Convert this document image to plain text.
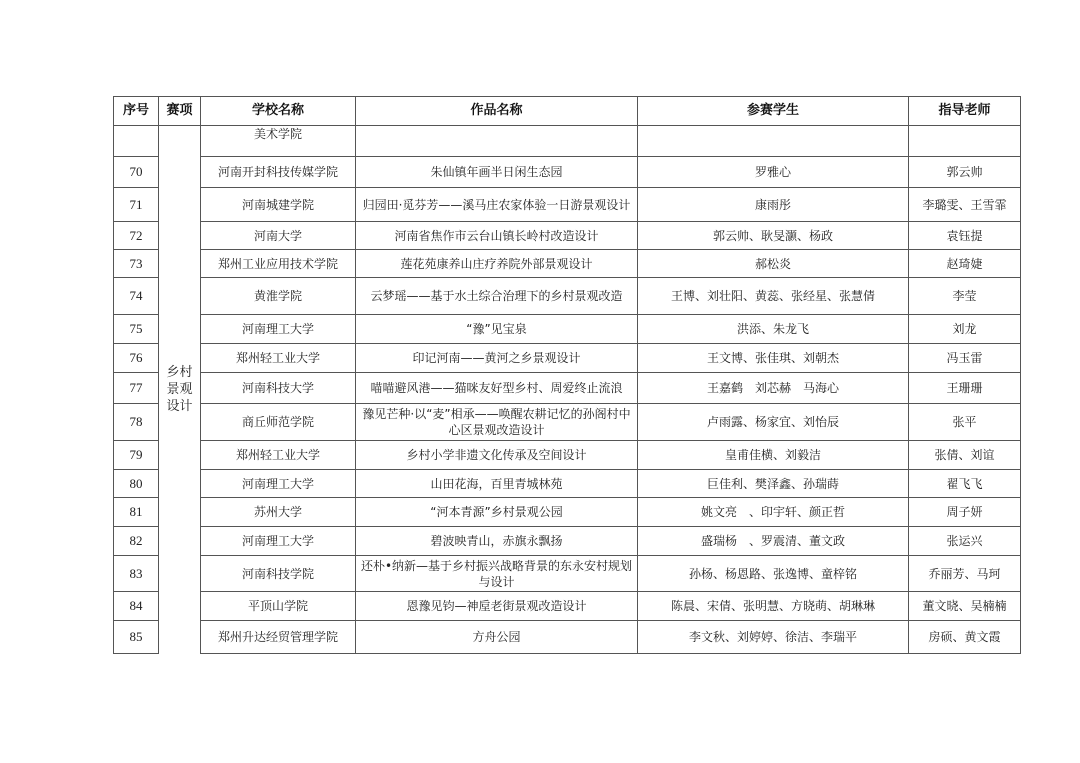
序号	赛项	学校名称	作品名称	参赛学生	指导老师
	乡村景观设计	美术学院			
70		河南开封科技传媒学院	朱仙镇年画半日闲生态园	罗雅心	郭云帅
71		河南城建学院	归园田·觅芬芳——溪马庄农家体验一日游景观设计	康雨彤	李璐雯、王雪霏
72		河南大学	河南省焦作市云台山镇长岭村改造设计	郭云帅、耿旻灏、杨政	袁钰提
73		郑州工业应用技术学院	莲花苑康养山庄疗养院外部景观设计	郝松炎	赵琦婕
74		黄淮学院	云梦瑶——基于水土综合治理下的乡村景观改造	王博、刘壮阳、黄蕊、张经星、张慧倩	李莹
75		河南理工大学	“豫”见宝泉	洪添、朱龙飞	刘龙
76		郑州轻工业大学	印记河南——黄河之乡景观设计	王文博、张佳琪、刘朝杰	冯玉雷
77		河南科技大学	喵喵避风港——猫咪友好型乡村、周爱终止流浪	王嘉鹤　刘芯赫　马海心	王珊珊
78		商丘师范学院	豫见芒种·以“麦”相承——唤醒农耕记忆的孙阁村中心区景观改造设计	卢雨露、杨家宜、刘怡辰	张平
79		郑州轻工业大学	乡村小学非遗文化传承及空间设计	皇甫佳横、刘毅洁	张倩、刘谊
80		河南理工大学	山田花海，百里青城林苑	巨佳利、樊泽鑫、孙瑞蒔	翟飞飞
81		苏州大学	“河本青源”乡村景观公园	姚文亮　、印宇轩、颜正哲	周子妍
82		河南理工大学	碧波映青山，赤旗永飘扬	盛瑞杨　、罗震清、董文政	张运兴
83		河南科技学院	还朴•纳新—基于乡村振兴战略背景的东永安村规划与设计	孙杨、杨恩路、张逸博、童梓铭	乔丽芳、马珂
84		平顶山学院	恩豫见钧—神垕老街景观改造设计	陈晨、宋倩、张明慧、方晓萌、胡琳琳	董文晓、吴楠楠
85		郑州升达经贸管理学院	方舟公园	李文秋、刘婷婷、徐洁、李瑞平	房硕、黄文霞
